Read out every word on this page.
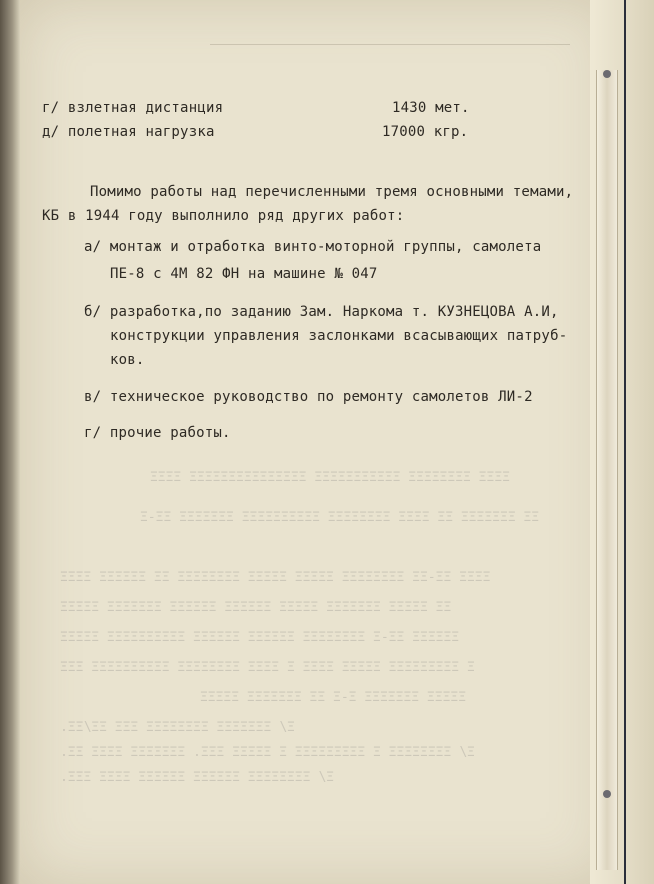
ΞΞΞΞ ΞΞΞΞΞΞΞΞ ΞΞΞΞΞΞΞΞΞΞΞ ΞΞΞΞΞΞΞΞΞΞΞΞΞΞΞ ΞΞΞΞ
ΞΞ ΞΞΞΞΞΞΞ ΞΞ ΞΞΞΞ ΞΞΞΞΞΞΞΞ ΞΞΞΞΞΞΞΞΞΞ ΞΞΞΞΞΞΞ ΞΞ-Ξ
ΞΞΞΞ ΞΞ-ΞΞ ΞΞΞΞΞΞΞΞ ΞΞΞΞΞ ΞΞΞΞΞ ΞΞΞΞΞΞΞΞ ΞΞ ΞΞΞΞΞΞ ΞΞΞΞ
ΞΞ ΞΞΞΞΞ ΞΞΞΞΞΞΞ ΞΞΞΞΞ ΞΞΞΞΞΞ ΞΞΞΞΞΞ ΞΞΞΞΞΞΞ ΞΞΞΞΞ
ΞΞΞΞΞΞ ΞΞ-Ξ ΞΞΞΞΞΞΞΞ ΞΞΞΞΞΞ ΞΞΞΞΞΞ ΞΞΞΞΞΞΞΞΞΞ ΞΞΞΞΞ
Ξ ΞΞΞΞΞΞΞΞΞ ΞΞΞΞΞ ΞΞΞΞ Ξ ΞΞΞΞ ΞΞΞΞΞΞΞΞ ΞΞΞΞΞΞΞΞΞΞ ΞΞΞ
ΞΞΞΞΞ ΞΞΞΞΞΞΞ Ξ-Ξ ΞΞ ΞΞΞΞΞΞΞ ΞΞΞΞΞ
Ξ/ ΞΞΞΞΞΞΞ ΞΞΞΞΞΞΞΞ ΞΞΞ ΞΞ/ΞΞ.
Ξ/ ΞΞΞΞΞΞΞΞ Ξ ΞΞΞΞΞΞΞΞΞ Ξ ΞΞΞΞΞ ΞΞΞ. ΞΞΞΞΞΞΞ ΞΞΞΞ ΞΞ.
Ξ/ ΞΞΞΞΞΞΞΞ ΞΞΞΞΞΞ ΞΞΞΞΞΞ ΞΞΞΞ ΞΞΞ.
г/ взлетная дистанция	1430 мет.
д/ полетная нагрузка	17000 кгр.
Помимо работы над перечисленными тремя основными темами,
КБ в 1944 году выполнило ряд других работ:
а/ монтаж и отработка винто-моторной группы, самолета
ПЕ-8 с 4М 82 ФН на машине № 047
б/ разработка,по заданию Зам. Наркома т. КУЗНЕЦОВА А.И,
конструкции управления заслонками всасывающих патруб-
ков.
в/ техническое руководство по ремонту самолетов ЛИ-2
г/ прочие работы.
